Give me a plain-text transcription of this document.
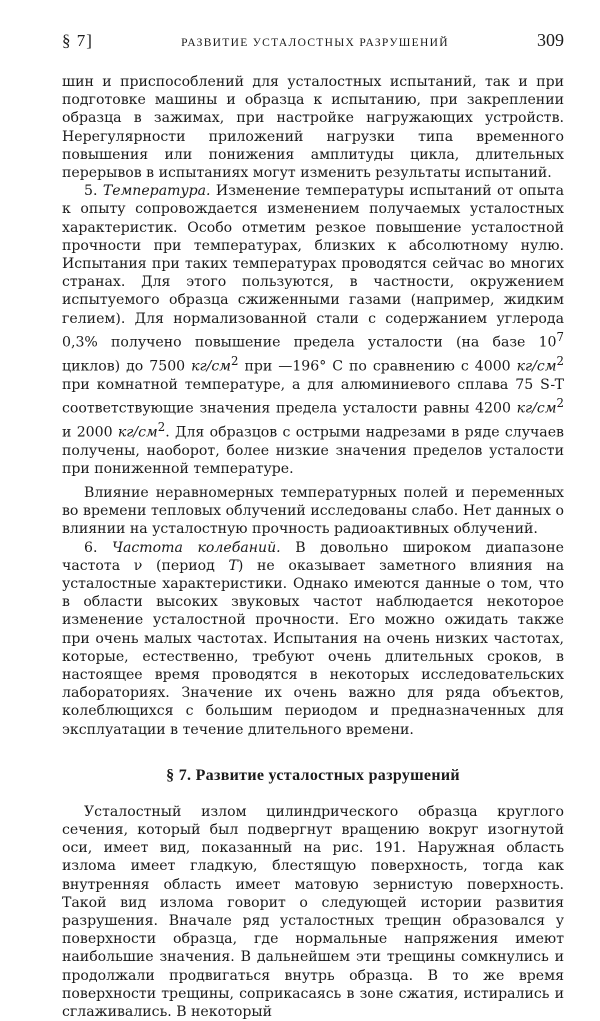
§ 7]	РАЗВИТИЕ УСТАЛОСТНЫХ РАЗРУШЕНИЙ	309

шин и приспособлений для усталостных испытаний, так и при подготовке машины и образца к испытанию, при закреплении образца в зажимах, при настройке нагружающих устройств. Нерегулярности приложений нагрузки типа временного повышения или понижения амплитуды цикла, длительных перерывов в испытаниях могут изменить результаты испытаний.

5. Температура. Изменение температуры испытаний от опыта к опыту сопровождается изменением получаемых усталостных характеристик. Особо отметим резкое повышение усталостной прочности при температурах, близких к абсолютному нулю. Испытания при таких температурах проводятся сейчас во многих странах. Для этого пользуются, в частности, окружением испытуемого образца сжиженными газами (например, жидким гелием). Для нормализованной стали с содержанием углерода 0,3% получено повышение предела усталости (на базе $10^7$ циклов) до 7500 $кг/см^2$ при —196° С по сравнению с 4000 $кг/см^2$ при комнатной температуре, а для алюминиевого сплава 75 S-T соответствующие значения предела усталости равны 4200 $кг/см^2$ и 2000 $кг/см^2$. Для образцов с острыми надрезами в ряде случаев получены, наоборот, более низкие значения пределов усталости при пониженной температуре.

Влияние неравномерных температурных полей и переменных во времени тепловых облучений исследованы слабо. Нет данных о влиянии на усталостную прочность радиоактивных облучений.

6. Частота колебаний. В довольно широком диапазоне частота ν (период T) не оказывает заметного влияния на усталостные характеристики. Однако имеются данные о том, что в области высоких звуковых частот наблюдается некоторое изменение усталостной прочности. Его можно ожидать также при очень малых частотах. Испытания на очень низких частотах, которые, естественно, требуют очень длительных сроков, в настоящее время проводятся в некоторых исследовательских лабораториях. Значение их очень важно для ряда объектов, колеблющихся с большим периодом и предназначенных для эксплуатации в течение длительного времени.

§ 7. Развитие усталостных разрушений

Усталостный излом цилиндрического образца круглого сечения, который был подвергнут вращению вокруг изогнутой оси, имеет вид, показанный на рис. 191. Наружная область излома имеет гладкую, блестящую поверхность, тогда как внутренняя область имеет матовую зернистую поверхность. Такой вид излома говорит о следующей истории развития разрушения. Вначале ряд усталостных трещин образовался у поверхности образца, где нормальные напряжения имеют наибольшие значения. В дальнейшем эти трещины сомкнулись и продолжали продвигаться внутрь образца. В то же время поверхности трещины, соприкасаясь в зоне сжатия, истирались и сглаживались. В некоторый
